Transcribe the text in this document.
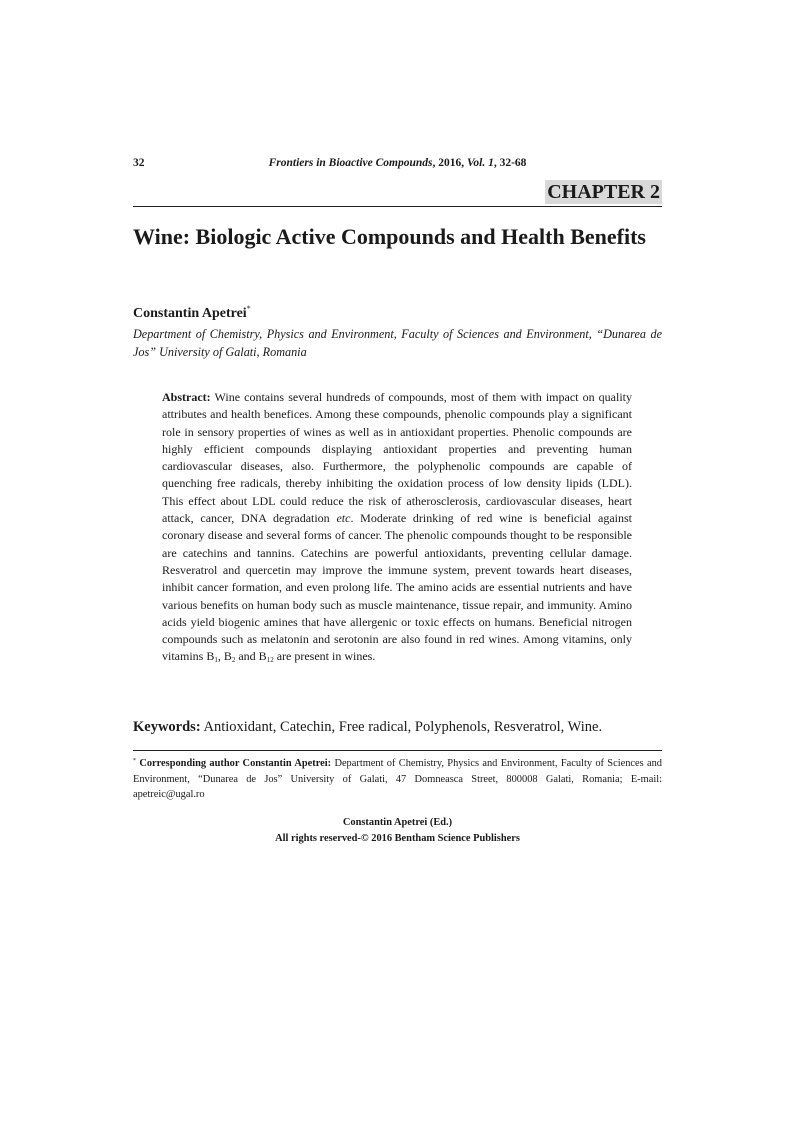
32	Frontiers in Bioactive Compounds, 2016, Vol. 1, 32-68
CHAPTER 2
Wine: Biologic Active Compounds and Health Benefits
Constantin Apetrei*

Department of Chemistry, Physics and Environment, Faculty of Sciences and Environment, “Dunarea de Jos” University of Galati, Romania

Abstract: Wine contains several hundreds of compounds, most of them with impact on quality attributes and health benefices. Among these compounds, phenolic compounds play a significant role in sensory properties of wines as well as in antioxidant properties. Phenolic compounds are highly efficient compounds displaying antioxidant properties and preventing human cardiovascular diseases, also. Furthermore, the polyphenolic compounds are capable of quenching free radicals, thereby inhibiting the oxidation process of low density lipids (LDL). This effect about LDL could reduce the risk of atherosclerosis, cardiovascular diseases, heart attack, cancer, DNA degradation etc. Moderate drinking of red wine is beneficial against coronary disease and several forms of cancer. The phenolic compounds thought to be responsible are catechins and tannins. Catechins are powerful antioxidants, preventing cellular damage. Resveratrol and quercetin may improve the immune system, prevent towards heart diseases, inhibit cancer formation, and even prolong life. The amino acids are essential nutrients and have various benefits on human body such as muscle maintenance, tissue repair, and immunity. Amino acids yield biogenic amines that have allergenic or toxic effects on humans. Beneficial nitrogen compounds such as melatonin and serotonin are also found in red wines. Among vitamins, only vitamins $B_1$, $B_2$ and $B_{12}$ are present in wines.

Keywords: Antioxidant, Catechin, Free radical, Polyphenols, Resveratrol, Wine.

* Corresponding author Constantin Apetrei: Department of Chemistry, Physics and Environment, Faculty of Sciences and Environment, “Dunarea de Jos” University of Galati, 47 Domneasca Street, 800008 Galati, Romania; E-mail: apetreic@ugal.ro

Constantin Apetrei (Ed.)
All rights reserved-© 2016 Bentham Science Publishers
